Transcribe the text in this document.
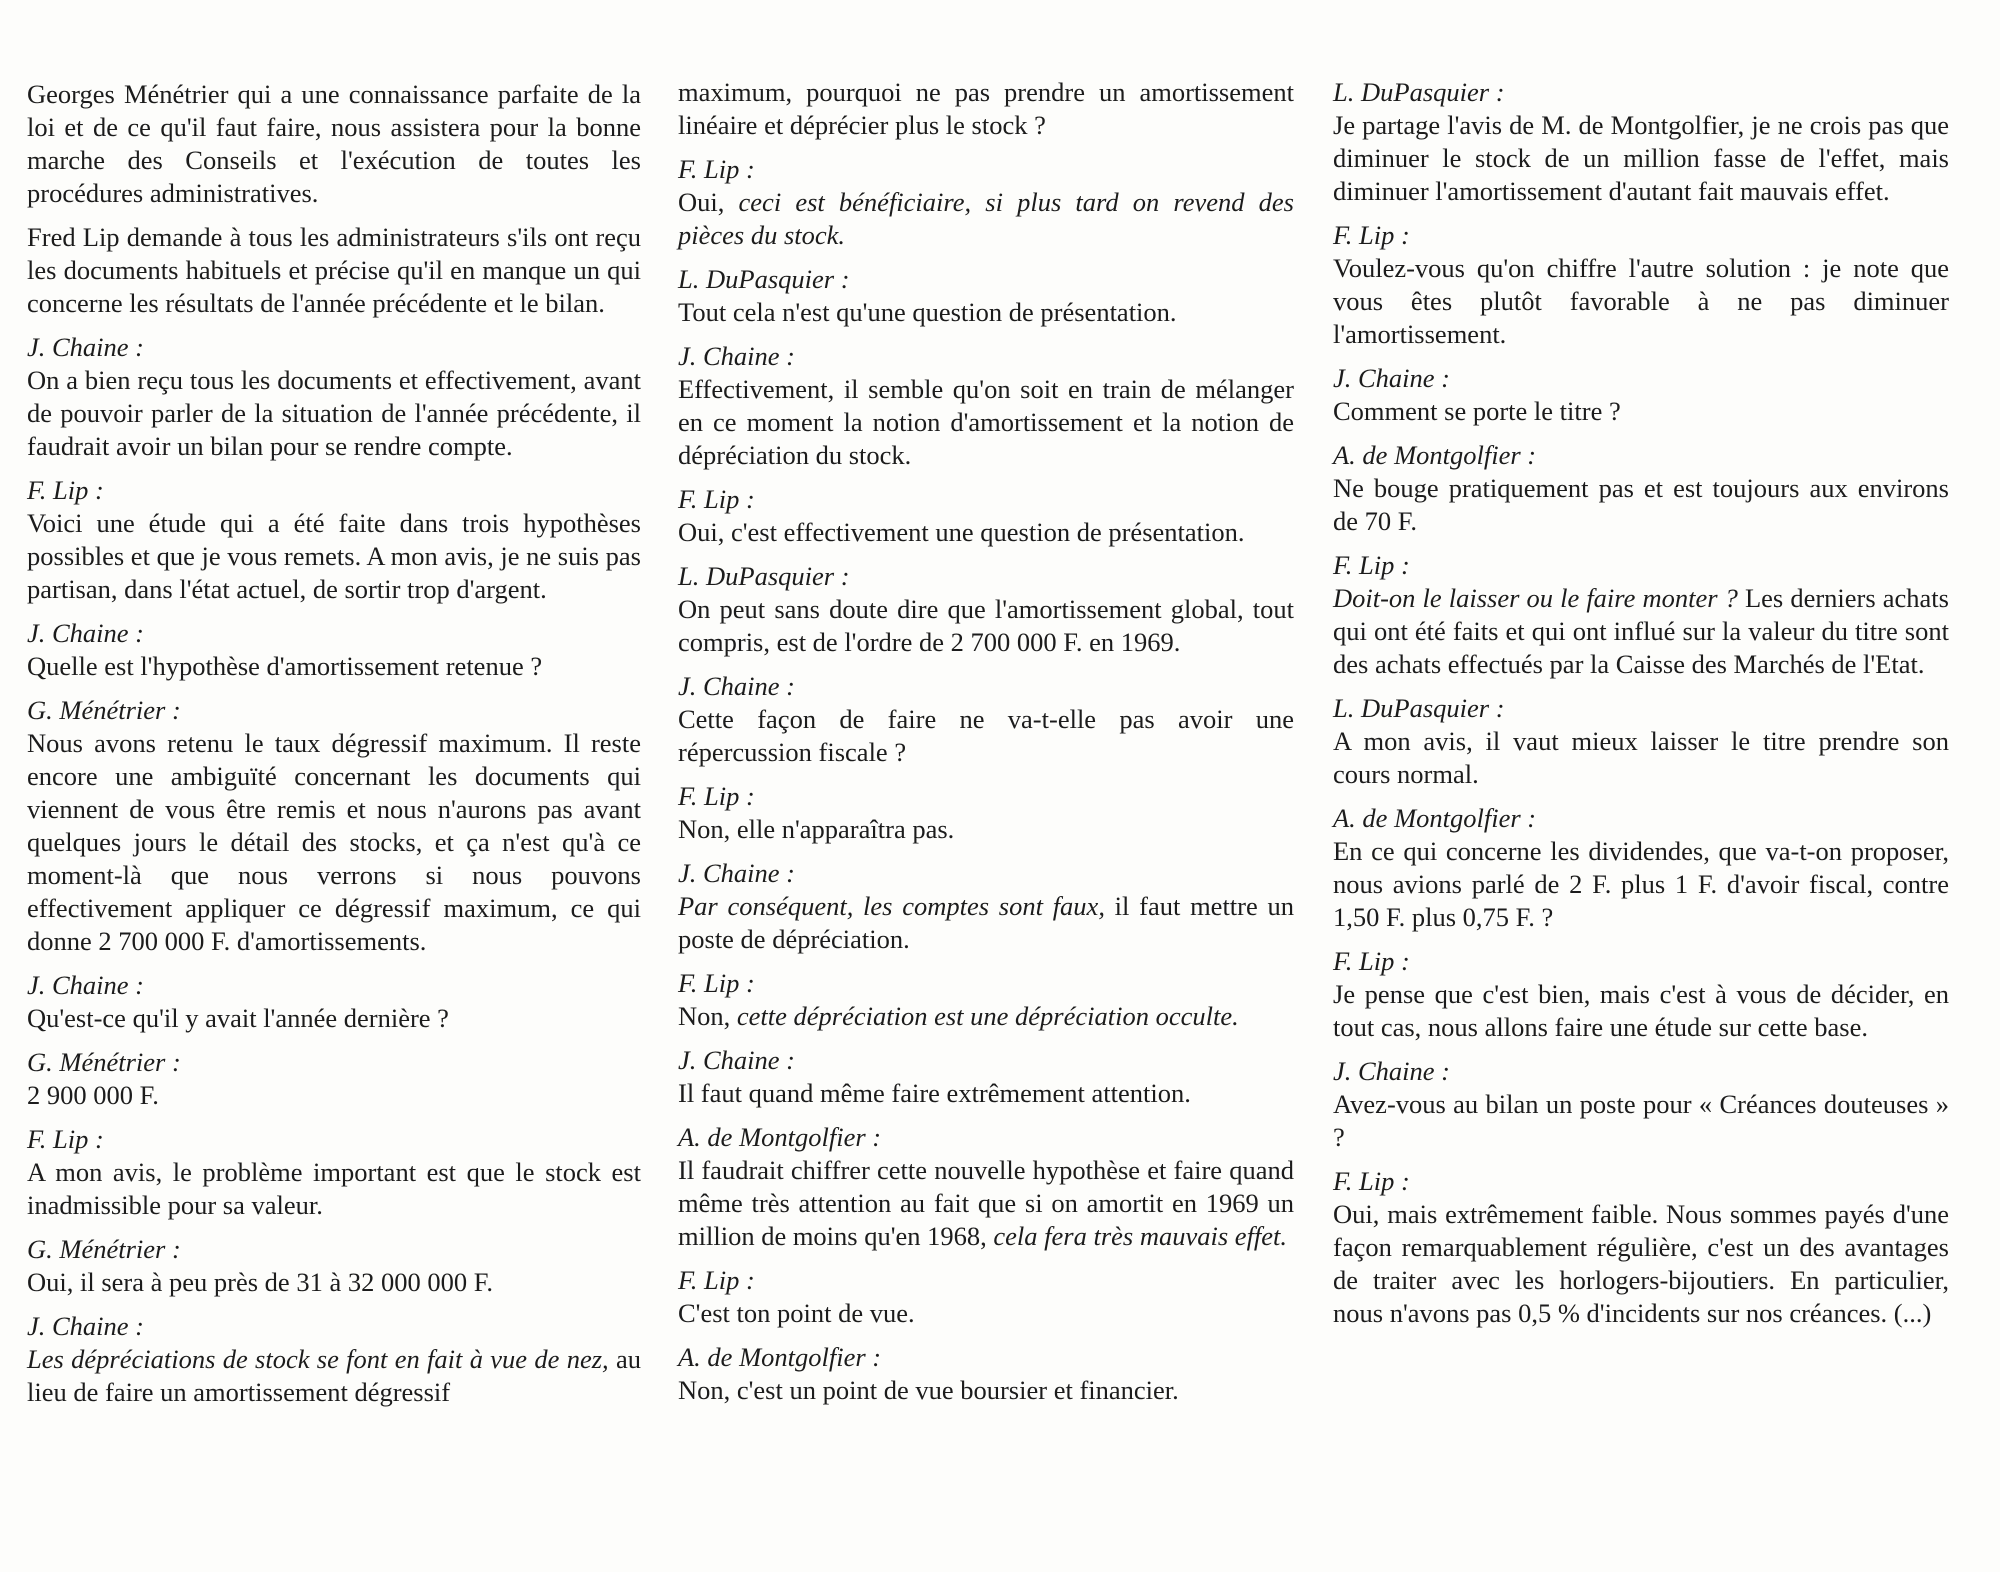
Georges Ménétrier qui a une connaissance parfaite de la loi et de ce qu'il faut faire, nous assistera pour la bonne marche des Conseils et l'exécution de toutes les procédures administratives.
Fred Lip demande à tous les administrateurs s'ils ont reçu les documents habituels et précise qu'il en manque un qui concerne les résultats de l'année précédente et le bilan.
J. Chaine :
On a bien reçu tous les documents et effectivement, avant de pouvoir parler de la situation de l'année précédente, il faudrait avoir un bilan pour se rendre compte.
F. Lip :
Voici une étude qui a été faite dans trois hypothèses possibles et que je vous remets. A mon avis, je ne suis pas partisan, dans l'état actuel, de sortir trop d'argent.
J. Chaine :
Quelle est l'hypothèse d'amortissement retenue ?
G. Ménétrier :
Nous avons retenu le taux dégressif maximum. Il reste encore une ambiguïté concernant les documents qui viennent de vous être remis et nous n'aurons pas avant quelques jours le détail des stocks, et ça n'est qu'à ce moment-là que nous verrons si nous pouvons effectivement appliquer ce dégressif maximum, ce qui donne 2 700 000 F. d'amortissements.
J. Chaine :
Qu'est-ce qu'il y avait l'année dernière ?
G. Ménétrier :
2 900 000 F.
F. Lip :
A mon avis, le problème important est que le stock est inadmissible pour sa valeur.
G. Ménétrier :
Oui, il sera à peu près de 31 à 32 000 000 F.
J. Chaine :
Les dépréciations de stock se font en fait à vue de nez, au lieu de faire un amortissement dégressif
maximum, pourquoi ne pas prendre un amortissement linéaire et déprécier plus le stock ?
F. Lip :
Oui, ceci est bénéficiaire, si plus tard on revend des pièces du stock.
L. DuPasquier :
Tout cela n'est qu'une question de présentation.
J. Chaine :
Effectivement, il semble qu'on soit en train de mélanger en ce moment la notion d'amortissement et la notion de dépréciation du stock.
F. Lip :
Oui, c'est effectivement une question de présentation.
L. DuPasquier :
On peut sans doute dire que l'amortissement global, tout compris, est de l'ordre de 2 700 000 F. en 1969.
J. Chaine :
Cette façon de faire ne va-t-elle pas avoir une répercussion fiscale ?
F. Lip :
Non, elle n'apparaîtra pas.
J. Chaine :
Par conséquent, les comptes sont faux, il faut mettre un poste de dépréciation.
F. Lip :
Non, cette dépréciation est une dépréciation occulte.
J. Chaine :
Il faut quand même faire extrêmement attention.
A. de Montgolfier :
Il faudrait chiffrer cette nouvelle hypothèse et faire quand même très attention au fait que si on amortit en 1969 un million de moins qu'en 1968, cela fera très mauvais effet.
F. Lip :
C'est ton point de vue.
A. de Montgolfier :
Non, c'est un point de vue boursier et financier.
L. DuPasquier :
Je partage l'avis de M. de Montgolfier, je ne crois pas que diminuer le stock de un million fasse de l'effet, mais diminuer l'amortissement d'autant fait mauvais effet.
F. Lip :
Voulez-vous qu'on chiffre l'autre solution : je note que vous êtes plutôt favorable à ne pas diminuer l'amortissement.
J. Chaine :
Comment se porte le titre ?
A. de Montgolfier :
Ne bouge pratiquement pas et est toujours aux environs de 70 F.
F. Lip :
Doit-on le laisser ou le faire monter ? Les derniers achats qui ont été faits et qui ont influé sur la valeur du titre sont des achats effectués par la Caisse des Marchés de l'Etat.
L. DuPasquier :
A mon avis, il vaut mieux laisser le titre prendre son cours normal.
A. de Montgolfier :
En ce qui concerne les dividendes, que va-t-on proposer, nous avions parlé de 2 F. plus 1 F. d'avoir fiscal, contre 1,50 F. plus 0,75 F. ?
F. Lip :
Je pense que c'est bien, mais c'est à vous de décider, en tout cas, nous allons faire une étude sur cette base.
J. Chaine :
Avez-vous au bilan un poste pour « Créances douteuses » ?
F. Lip :
Oui, mais extrêmement faible. Nous sommes payés d'une façon remarquablement régulière, c'est un des avantages de traiter avec les horlogers-bijoutiers. En particulier, nous n'avons pas 0,5 % d'incidents sur nos créances. (...)
